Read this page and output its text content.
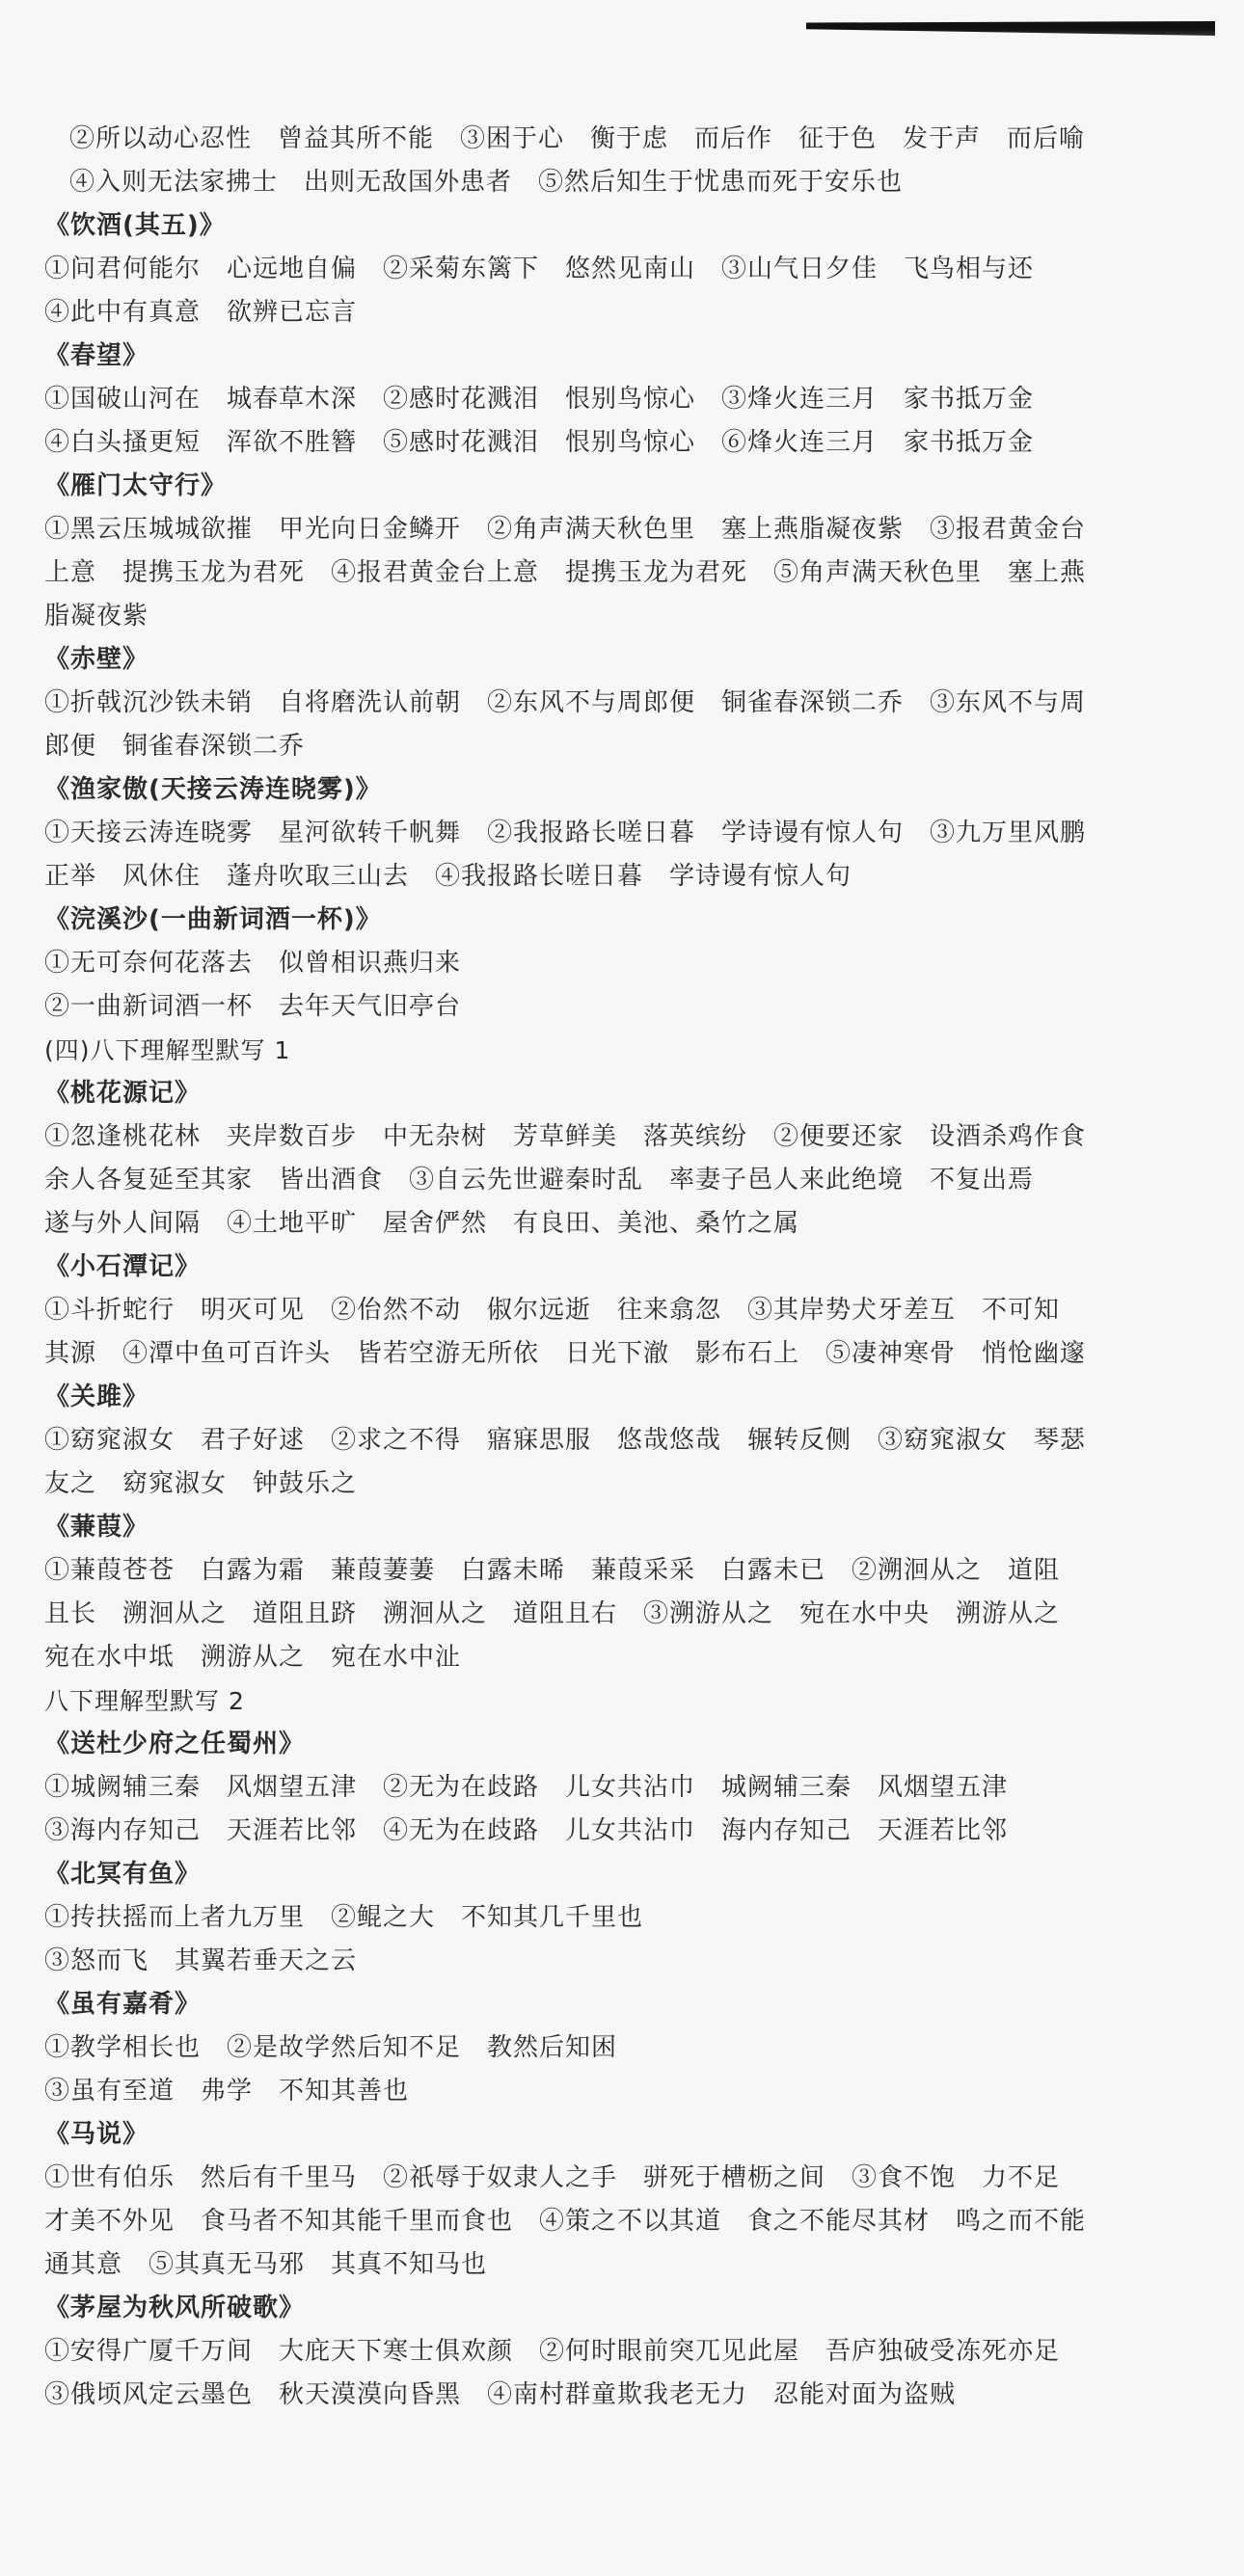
②所以动心忍性　曾益其所不能　③困于心　衡于虑　而后作　征于色　发于声　而后喻
④入则无法家拂士　出则无敌国外患者　⑤然后知生于忧患而死于安乐也
《饮酒(其五)》
①问君何能尔　心远地自偏　②采菊东篱下　悠然见南山　③山气日夕佳　飞鸟相与还
④此中有真意　欲辨已忘言
《春望》
①国破山河在　城春草木深　②感时花溅泪　恨别鸟惊心　③烽火连三月　家书抵万金
④白头搔更短　浑欲不胜簪　⑤感时花溅泪　恨别鸟惊心　⑥烽火连三月　家书抵万金
《雁门太守行》
①黑云压城城欲摧　甲光向日金鳞开　②角声满天秋色里　塞上燕脂凝夜紫　③报君黄金台
上意　提携玉龙为君死　④报君黄金台上意　提携玉龙为君死　⑤角声满天秋色里　塞上燕
脂凝夜紫
《赤壁》
①折戟沉沙铁未销　自将磨洗认前朝　②东风不与周郎便　铜雀春深锁二乔　③东风不与周
郎便　铜雀春深锁二乔
《渔家傲(天接云涛连晓雾)》
①天接云涛连晓雾　星河欲转千帆舞　②我报路长嗟日暮　学诗谩有惊人句　③九万里风鹏
正举　风休住　蓬舟吹取三山去　④我报路长嗟日暮　学诗谩有惊人句
《浣溪沙(一曲新词酒一杯)》
①无可奈何花落去　似曾相识燕归来
②一曲新词酒一杯　去年天气旧亭台
(四)八下理解型默写 1
《桃花源记》
①忽逢桃花林　夹岸数百步　中无杂树　芳草鲜美　落英缤纷　②便要还家　设酒杀鸡作食
余人各复延至其家　皆出酒食　③自云先世避秦时乱　率妻子邑人来此绝境　不复出焉
遂与外人间隔　④土地平旷　屋舍俨然　有良田、美池、桑竹之属
《小石潭记》
①斗折蛇行　明灭可见　②佁然不动　俶尔远逝　往来翕忽　③其岸势犬牙差互　不可知
其源　④潭中鱼可百许头　皆若空游无所依　日光下澈　影布石上　⑤凄神寒骨　悄怆幽邃
《关雎》
①窈窕淑女　君子好逑　②求之不得　寤寐思服　悠哉悠哉　辗转反侧　③窈窕淑女　琴瑟
友之　窈窕淑女　钟鼓乐之
《蒹葭》
①蒹葭苍苍　白露为霜　蒹葭萋萋　白露未晞　蒹葭采采　白露未已　②溯洄从之　道阻
且长　溯洄从之　道阻且跻　溯洄从之　道阻且右　③溯游从之　宛在水中央　溯游从之
宛在水中坻　溯游从之　宛在水中沚
八下理解型默写 2
《送杜少府之任蜀州》
①城阙辅三秦　风烟望五津　②无为在歧路　儿女共沾巾　城阙辅三秦　风烟望五津
③海内存知己　天涯若比邻　④无为在歧路　儿女共沾巾　海内存知己　天涯若比邻
《北冥有鱼》
①抟扶摇而上者九万里　②鲲之大　不知其几千里也
③怒而飞　其翼若垂天之云
《虽有嘉肴》
①教学相长也　②是故学然后知不足　教然后知困
③虽有至道　弗学　不知其善也
《马说》
①世有伯乐　然后有千里马　②祇辱于奴隶人之手　骈死于槽枥之间　③食不饱　力不足
才美不外见　食马者不知其能千里而食也　④策之不以其道　食之不能尽其材　鸣之而不能
通其意　⑤其真无马邪　其真不知马也
《茅屋为秋风所破歌》
①安得广厦千万间　大庇天下寒士俱欢颜　②何时眼前突兀见此屋　吾庐独破受冻死亦足
③俄顷风定云墨色　秋天漠漠向昏黑　④南村群童欺我老无力　忍能对面为盗贼
